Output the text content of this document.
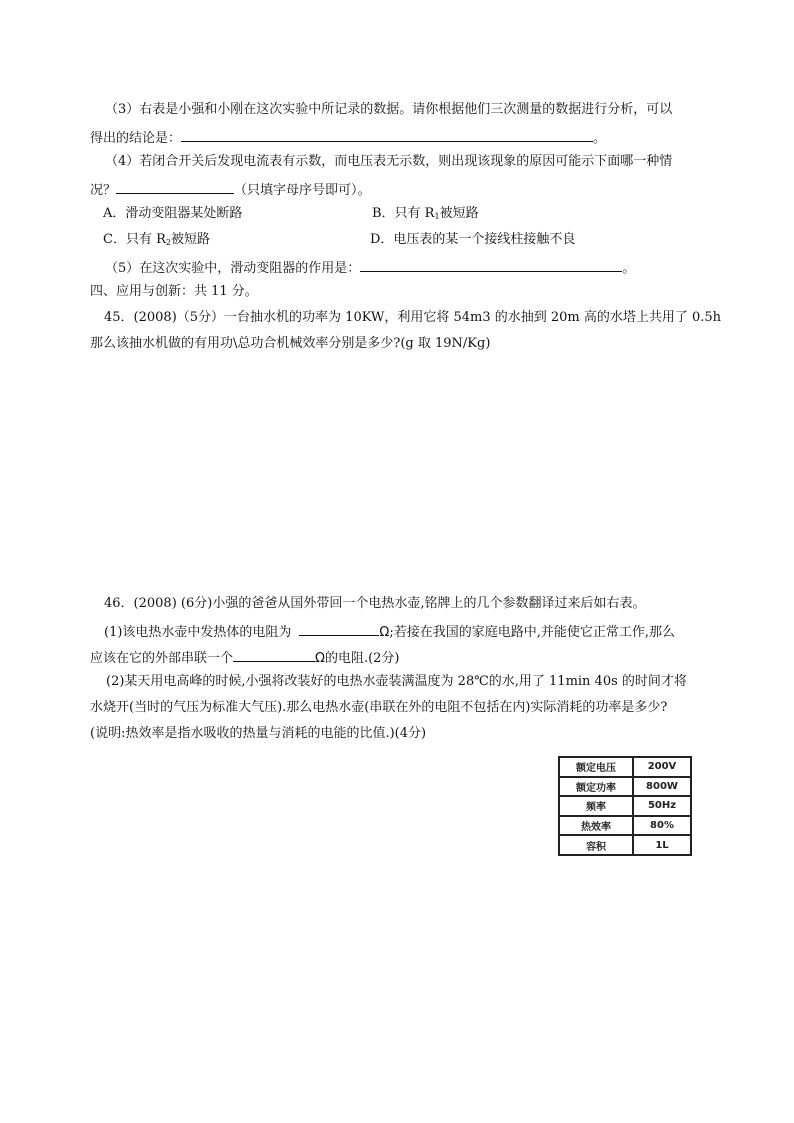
（3）右表是小强和小刚在这次实验中所记录的数据。请你根据他们三次测量的数据进行分析，可以
得出的结论是：	。
（4）若闭合开关后发现电流表有示数，而电压表无示数，则出现该现象的原因可能示下面哪一种情
况？	（只填字母序号即可）。
A．滑动变阻器某处断路	B．只有 $R_1$被短路
C．只有 $R_2$被短路	D．电压表的某一个接线柱接触不良
（5）在这次实验中，滑动变阻器的作用是：	。
四、应用与创新：共 11 分。
45．(2008)（5分）一台抽水机的功率为 10KW，利用它将 54m3 的水抽到 20m 高的水塔上共用了 0.5h
那么该抽水机做的有用功\总功合机械效率分别是多少?(g 取 19N/Kg)
46．(2008) (6分)小强的爸爸从国外带回一个电热水壶,铭牌上的几个参数翻译过来后如右表。
(1)该电热水壶中发热体的电阻为	Ω;若接在我国的家庭电路中,并能使它正常工作,那么
应该在它的外部串联一个	Ω的电阻.(2分)
(2)某天用电高峰的时候,小强将改装好的电热水壶装满温度为 28℃的水,用了 11min 40s 的时间才将
水烧开(当时的气压为标准大气压).那么电热水壶(串联在外的电阻不包括在内)实际消耗的功率是多少?
(说明:热效率是指水吸收的热量与消耗的电能的比值.)(4分)
额定电压	200V
额定功率	800W
频率	50Hz
热效率	80%
容积	1L
